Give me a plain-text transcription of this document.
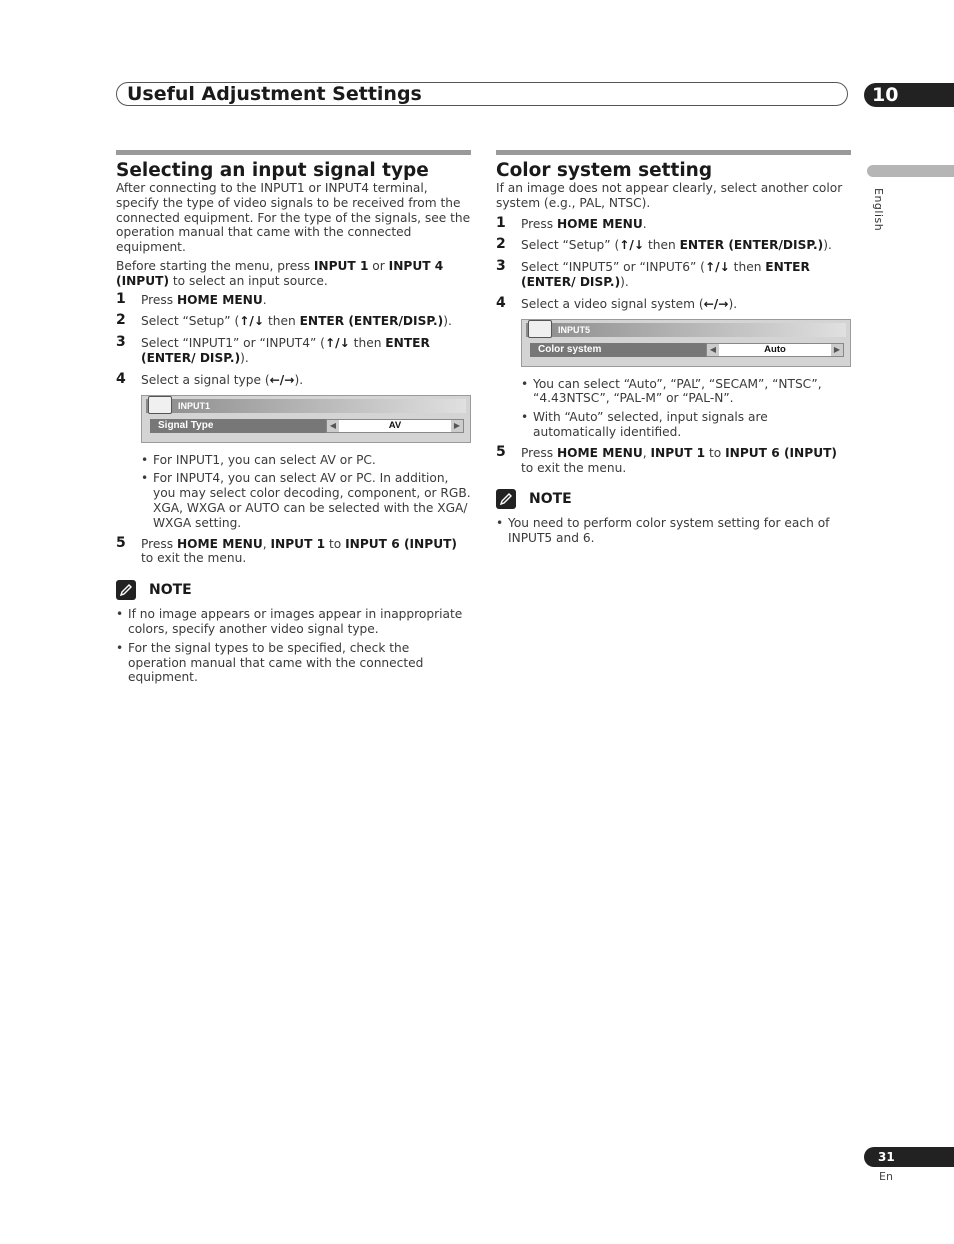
Useful Adjustment Settings	10
English
Selecting an input signal type

After connecting to the INPUT1 or INPUT4 terminal, specify the type of video signals to be received from the connected equipment. For the type of the signals, see the operation manual that came with the connected equipment.

Before starting the menu, press INPUT 1 or INPUT 4 (INPUT) to select an input source.

1 Press HOME MENU.
2 Select “Setup” (↑/↓ then ENTER (ENTER/DISP.)).
3 Select “INPUT1” or “INPUT4” (↑/↓ then ENTER (ENTER/ DISP.)).
4 Select a signal type (←/→).
INPUT1
Signal Type	◀	AV	▶
• For INPUT1, you can select AV or PC.
• For INPUT4, you can select AV or PC. In addition, you may select color decoding, component, or RGB. XGA, WXGA or AUTO can be selected with the XGA/ WXGA setting.
5 Press HOME MENU, INPUT 1 to INPUT 6 (INPUT) to exit the menu.
NOTE
• If no image appears or images appear in inappropriate colors, specify another video signal type.
• For the signal types to be specified, check the operation manual that came with the connected equipment.
Color system setting

If an image does not appear clearly, select another color system (e.g., PAL, NTSC).

1 Press HOME MENU.
2 Select “Setup” (↑/↓ then ENTER (ENTER/DISP.)).
3 Select “INPUT5” or “INPUT6” (↑/↓ then ENTER (ENTER/ DISP.)).
4 Select a video signal system (←/→).
INPUT5
Color system	◀	Auto	▶
• You can select “Auto”, “PAL”, “SECAM”, “NTSC”, “4.43NTSC”, “PAL-M” or “PAL-N”.
• With “Auto” selected, input signals are automatically identified.
5 Press HOME MENU, INPUT 1 to INPUT 6 (INPUT) to exit the menu.
NOTE
• You need to perform color system setting for each of INPUT5 and 6.
31
En
